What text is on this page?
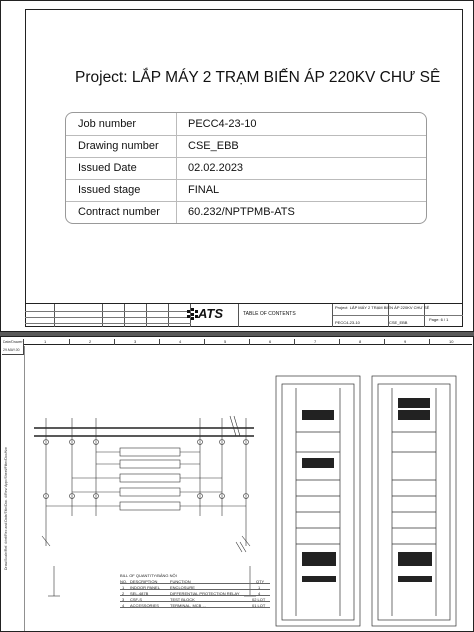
Project: LẮP MÁY 2 TRẠM BIẾN ÁP 220KV CHƯ SÊ
Job number	PECC4-23-10
Drawing number	CSE_EBB
Issued Date	02.02.2023
Issued stage	FINAL
Contract number	60.232/NPTPMB-ATS
ATS	TABLE OF CONTENTS
Project LẮP MÁY 2 TRẠM BIẾN ÁP 220KV CHƯ SÊ
PECC4-23-10	CSE_EBB
Page: 6 / 1
Date/Drawer
29.MAY.00
1	2	3	4	5	6	7	8	9	10
Draw/Scale/Ref. #/ref/Rec and Date/Title/Doc. #/Rev/ Appr/Sheet/Filter/Doc/Nm
BILL OF QUANTITY/BẢNG NỘI
NO. DESCRIPTION	FUNCTION	QTY
1 INDOOR PANEL	ENCLOSURE	1
2 SEL-487B	DIFFERENTIAL PROTECTION RELAY	4
3 CSF-S	TEST BLOCK	02 LOT
4 ACCESSORIES	TERMINAL, MCB ...	01 LOT
